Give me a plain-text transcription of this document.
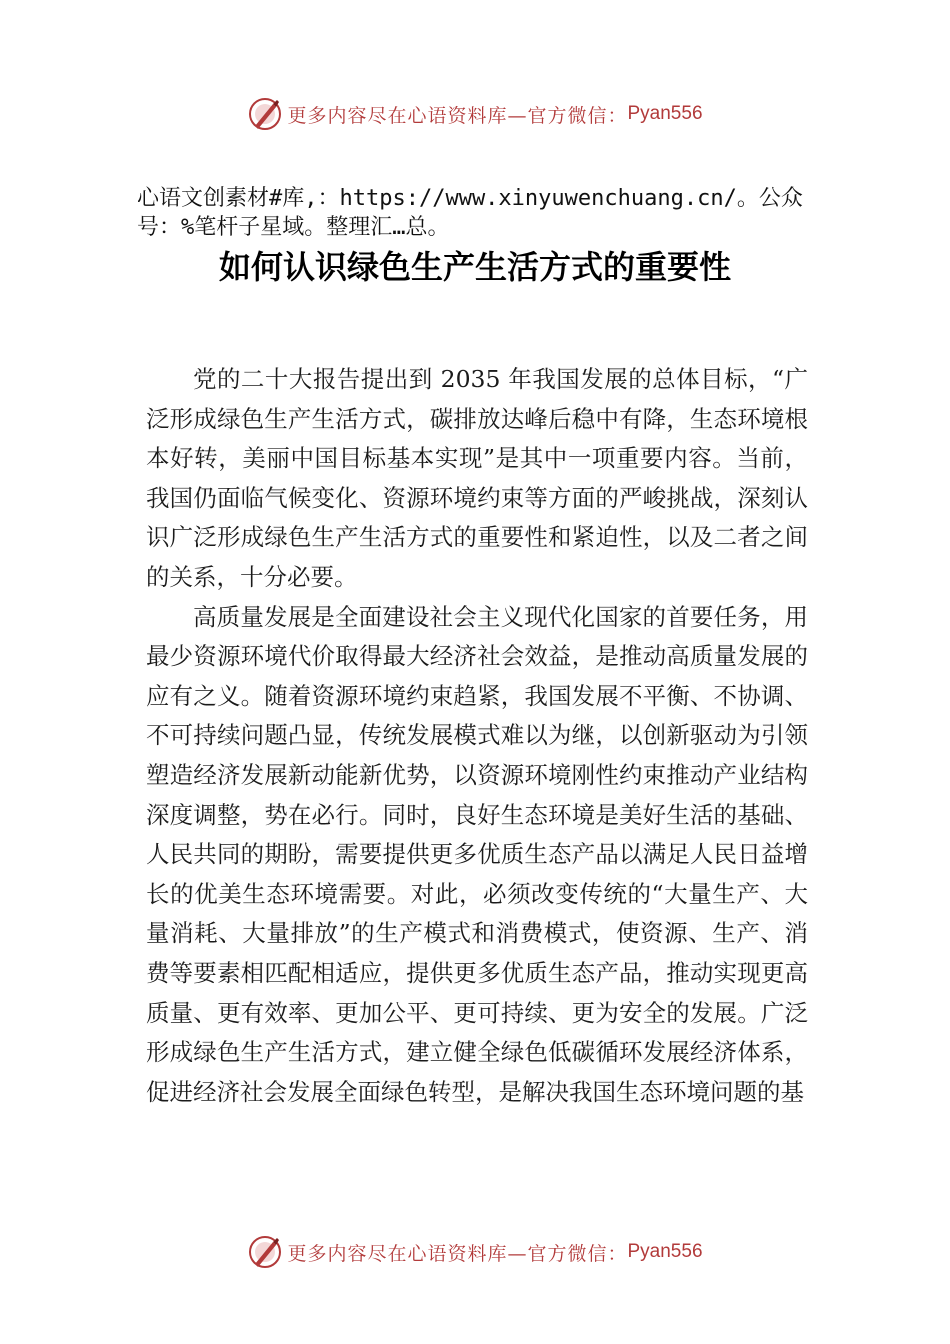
更多内容尽在心语资料库—官方微信： Pyan556
心语文创素材#库,：https://www.xinyuwenchuang.cn/。公众号：%笔杆子星域。整理汇…总。
如何认识绿色生产生活方式的重要性

党的二十大报告提出到 2035 年我国发展的总体目标，“广泛形成绿色生产生活方式，碳排放达峰后稳中有降，生态环境根本好转，美丽中国目标基本实现”是其中一项重要内容。当前，我国仍面临气候变化、资源环境约束等方面的严峻挑战，深刻认识广泛形成绿色生产生活方式的重要性和紧迫性，以及二者之间的关系，十分必要。

高质量发展是全面建设社会主义现代化国家的首要任务，用最少资源环境代价取得最大经济社会效益，是推动高质量发展的应有之义。随着资源环境约束趋紧，我国发展不平衡、不协调、不可持续问题凸显，传统发展模式难以为继，以创新驱动为引领塑造经济发展新动能新优势，以资源环境刚性约束推动产业结构深度调整，势在必行。同时，良好生态环境是美好生活的基础、人民共同的期盼，需要提供更多优质生态产品以满足人民日益增长的优美生态环境需要。对此，必须改变传统的“大量生产、大量消耗、大量排放”的生产模式和消费模式，使资源、生产、消费等要素相匹配相适应，提供更多优质生态产品，推动实现更高质量、更有效率、更加公平、更可持续、更为安全的发展。广泛形成绿色生产生活方式，建立健全绿色低碳循环发展经济体系，促进经济社会发展全面绿色转型，是解决我国生态环境问题的基

更多内容尽在心语资料库—官方微信： Pyan556
